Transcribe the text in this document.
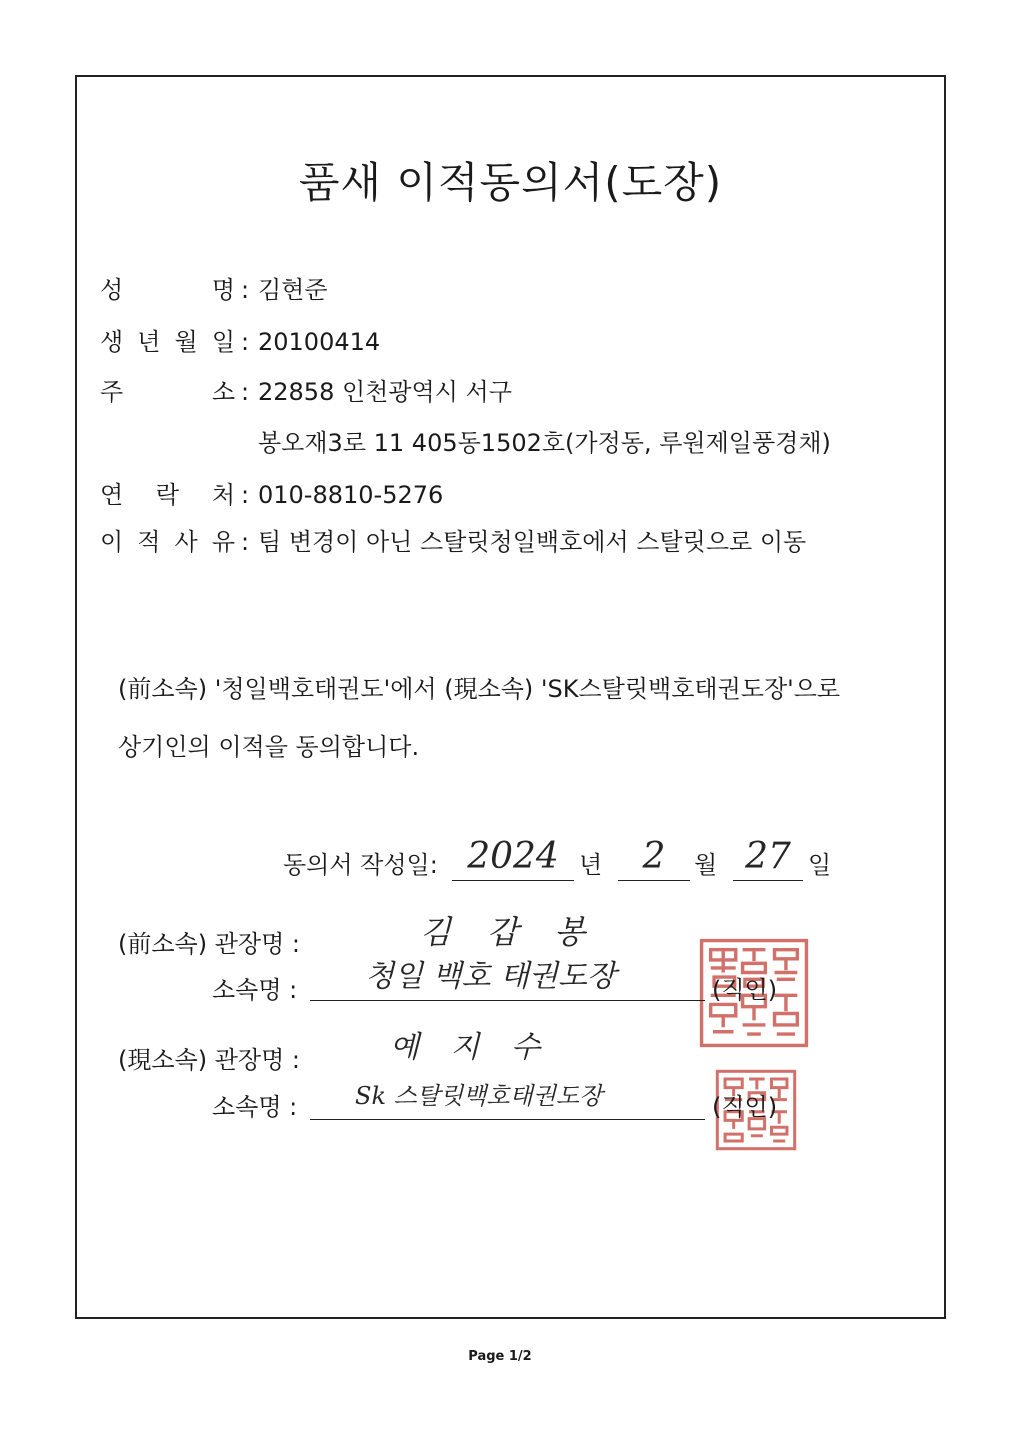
품새 이적동의서(도장)
성 명 : 김현준
생 년 월 일 : 20100414
주 소 : 22858 인천광역시 서구
봉오재3로 11 405동1502호(가정동, 루원제일풍경채)
연 락 처 : 010-8810-5276
이 적 사 유 : 팀 변경이 아닌 스탈릿청일백호에서 스탈릿으로 이동
(前소속) '청일백호태권도'에서 (現소속) 'SK스탈릿백호태권도장'으로
상기인의 이적을 동의합니다.
동의서 작성일: 2024 년	2	월 27 일
(前소속) 관장명 :	김 갑 봉
소속명 :	청일 백호 태권도장	(직인)
(現소속) 관장명 :	예 지 수
소속명 :	Sk 스탈릿백호태권도장	(직인)
Page 1/2
